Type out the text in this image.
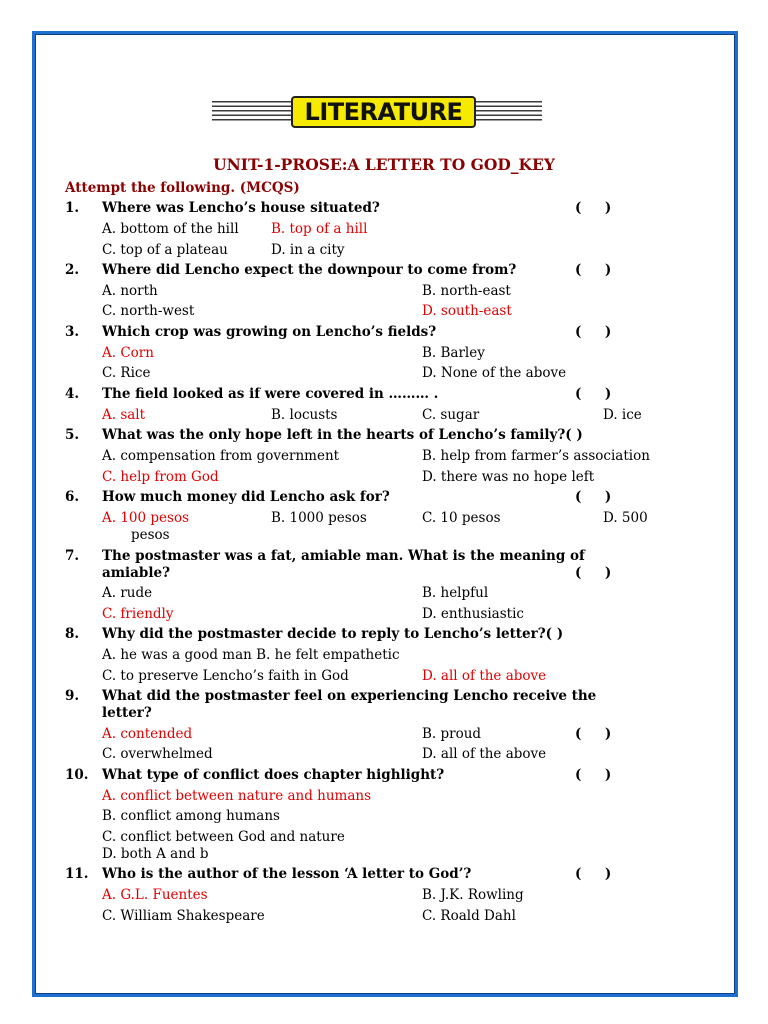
LITERATURE
UNIT-1-PROSE:A LETTER TO GOD_KEY
Attempt the following. (MCQS)
1. Where was Lencho’s house situated?	(     )
A. bottom of the hill B. top of a hill
C. top of a plateau	D. in a city
2. Where did Lencho expect the downpour to come from?	(     )
A. north	B. north-east
C. north-west	D. south-east
3. Which crop was growing on Lencho’s fields?	(     )
A. Corn	B. Barley
C. Rice	D. None of the above
4. The field looked as if were covered in ……… .	(     )
A. salt	B. locusts	C. sugar	D. ice
5. What was the only hope left in the hearts of Lencho’s family?( )
A. compensation from government	B. help from farmer’s association
C. help from God	D. there was no hope left
6. How much money did Lencho ask for?	(     )
A. 100 pesos	B. 1000 pesos	C. 10 pesos	D. 500
pesos
7. The postmaster was a fat, amiable man. What is the meaning of
amiable?	(     )
A. rude	B. helpful
C. friendly	D. enthusiastic
8. Why did the postmaster decide to reply to Lencho’s letter?( )
A. he was a good man B. he felt empathetic
C. to preserve Lencho’s faith in God	D. all of the above
9. What did the postmaster feel on experiencing Lencho receive the
letter?
(     )
A. contended	B. proud
C. overwhelmed	D. all of the above
10. What type of conflict does chapter highlight?	(     )
A. conflict between nature and humans
B. conflict among humans
C. conflict between God and nature
D. both A and b
11. Who is the author of the lesson ‘A letter to God’?	(     )
A. G.L. Fuentes	B. J.K. Rowling
C. William Shakespeare	C. Roald Dahl
